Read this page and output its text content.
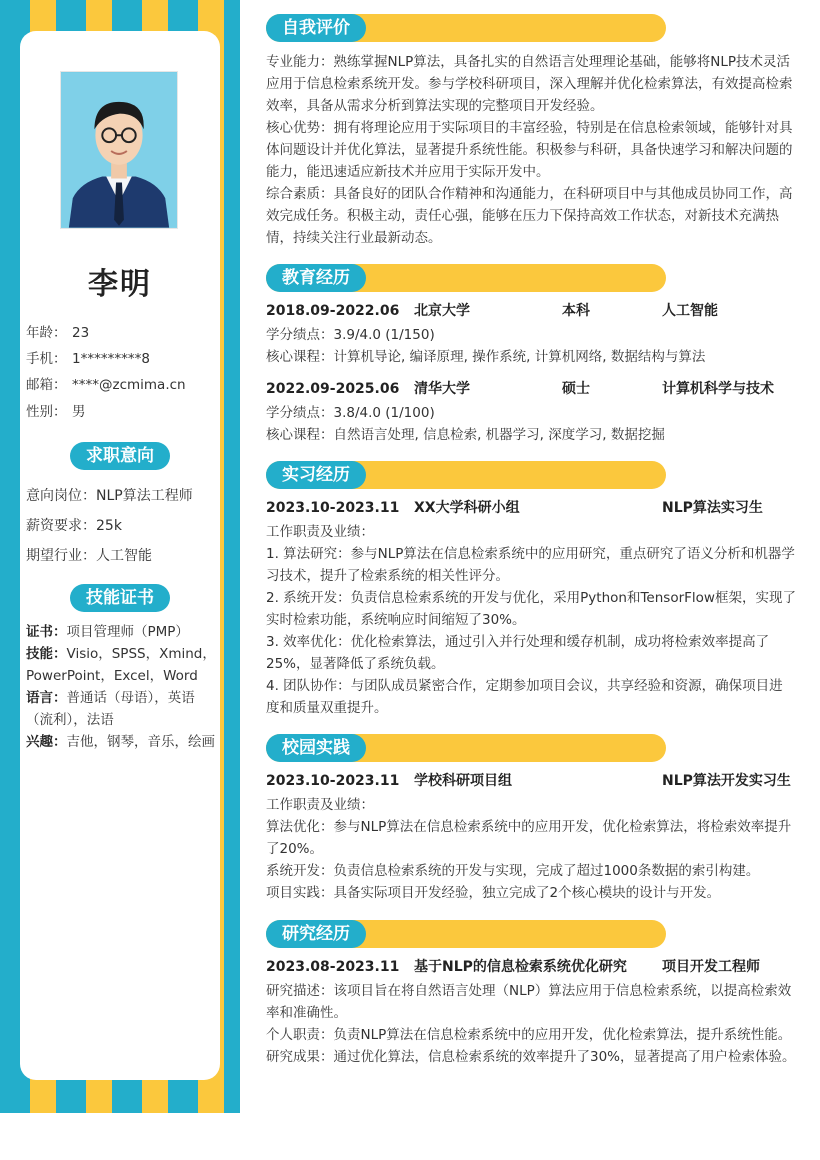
李明
年龄： 23
手机： 1*********8
邮箱： ****@zcmima.cn
性别： 男
求职意向
意向岗位：NLP算法工程师
薪资要求：25k
期望行业：人工智能
技能证书

证书：项目管理师（PMP）

技能：Visio，SPSS，Xmind，PowerPoint，Excel，Word

语言：普通话（母语），英语（流利），法语

兴趣：吉他，钢琴，音乐，绘画

自我评价

专业能力：熟练掌握NLP算法，具备扎实的自然语言处理理论基础，能够将NLP技术灵活应用于信息检索系统开发。参与学校科研项目，深入理解并优化检索算法，有效提高检索效率，具备从需求分析到算法实现的完整项目开发经验。

核心优势：拥有将理论应用于实际项目的丰富经验，特别是在信息检索领域，能够针对具体问题设计并优化算法，显著提升系统性能。积极参与科研，具备快速学习和解决问题的能力，能迅速适应新技术并应用于实际开发中。

综合素质：具备良好的团队合作精神和沟通能力，在科研项目中与其他成员协同工作，高效完成任务。积极主动，责任心强，能够在压力下保持高效工作状态，对新技术充满热情，持续关注行业最新动态。

教育经历
2018.09-2022.06 北京大学	本科	人工智能
学分绩点：3.9/4.0 (1/150)
核心课程：计算机导论, 编译原理, 操作系统, 计算机网络, 数据结构与算法
2022.09-2025.06 清华大学	硕士	计算机科学与技术
学分绩点：3.8/4.0 (1/100)
核心课程：自然语言处理, 信息检索, 机器学习, 深度学习, 数据挖掘
实习经历
2023.10-2023.11 XX大学科研小组	NLP算法实习生

工作职责及业绩：

1. 算法研究：参与NLP算法在信息检索系统中的应用研究，重点研究了语义分析和机器学习技术，提升了检索系统的相关性评分。

2. 系统开发：负责信息检索系统的开发与优化，采用Python和TensorFlow框架，实现了实时检索功能，系统响应时间缩短了30%。

3. 效率优化：优化检索算法，通过引入并行处理和缓存机制，成功将检索效率提高了25%，显著降低了系统负载。

4. 团队协作：与团队成员紧密合作，定期参加项目会议，共享经验和资源，确保项目进度和质量双重提升。

校园实践
2023.10-2023.11 学校科研项目组	NLP算法开发实习生

工作职责及业绩：

算法优化：参与NLP算法在信息检索系统中的应用开发，优化检索算法，将检索效率提升了20%。

系统开发：负责信息检索系统的开发与实现，完成了超过1000条数据的索引构建。

项目实践：具备实际项目开发经验，独立完成了2个核心模块的设计与开发。

研究经历
2023.08-2023.11 基于NLP的信息检索系统优化研究	项目开发工程师

研究描述：该项目旨在将自然语言处理（NLP）算法应用于信息检索系统，以提高检索效率和准确性。

个人职责：负责NLP算法在信息检索系统中的应用开发，优化检索算法，提升系统性能。

研究成果：通过优化算法，信息检索系统的效率提升了30%，显著提高了用户检索体验。
